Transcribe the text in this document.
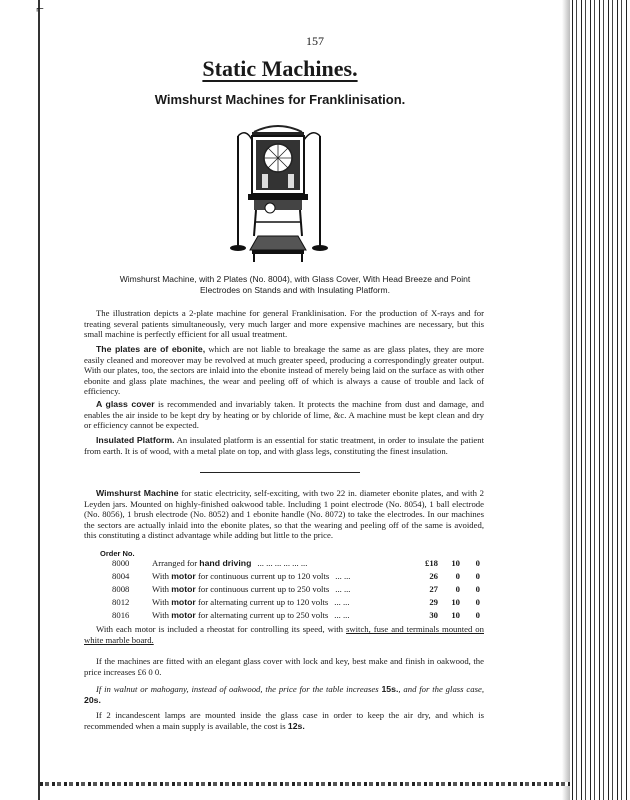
⌐
157
Static Machines.
Wimshurst Machines for Franklinisation.
Wimshurst Machine, with 2 Plates (No. 8004), with Glass Cover, With Head Breeze and Point
Electrodes on Stands and with Insulating Platform.
The illustration depicts a 2-plate machine for general Franklinisation. For the production of X-rays and for treating several patients simultaneously, very much larger and more expensive machines are necessary, but this small machine is perfectly efficient for all usual treatment.
The plates are of ebonite, which are not liable to breakage the same as are glass plates, they are more easily cleaned and moreover may be revolved at much greater speed, producing a correspondingly greater output. With our plates, too, the sectors are inlaid into the ebonite instead of merely being laid on the surface as with other ebonite and glass plate machines, the wear and peeling off of which is always a cause of trouble and lack of efficiency.
A glass cover is recommended and invariably taken. It protects the machine from dust and damage, and enables the air inside to be kept dry by heating or by chloride of lime, &c. A machine must be kept clean and dry or efficiency cannot be expected.
Insulated Platform. An insulated platform is an essential for static treatment, in order to insulate the patient from earth. It is of wood, with a metal plate on top, and with glass legs, constituting the finest insulation.
Wimshurst Machine for static electricity, self-exciting, with two 22 in. diameter ebonite plates, and with 2 Leyden jars. Mounted on highly-finished oakwood table. Including 1 point electrode (No. 8054), 1 ball electrode (No. 8056), 1 brush electrode (No. 8052) and 1 ebonite handle (No. 8072) to take the electrodes. In our machines the sectors are actually inlaid into the ebonite plates, so that the wearing and peeling off of the same is avoided, this constituting a distinct advantage while adding but little to the price.
Order No.
8000	Arranged for hand driving ... ... ... ... ... ...	£18	10	0
8004	With motor for continuous current up to 120 volts ... ...	26	0	0
8008	With motor for continuous current up to 250 volts ... ...	27	0	0
8012	With motor for alternating current up to 120 volts ... ...	29	10	0
8016	With motor for alternating current up to 250 volts ... ...	30	10	0
With each motor is included a rheostat for controlling its speed, with switch, fuse and terminals mounted on white marble board.
If the machines are fitted with an elegant glass cover with lock and key, best make and finish in oakwood, the price increases £6 0 0.
If in walnut or mahogany, instead of oakwood, the price for the table increases 15s., and for the glass case, 20s.
If 2 incandescent lamps are mounted inside the glass case in order to keep the air dry, and which is recommended when a main supply is available, the cost is 12s.
